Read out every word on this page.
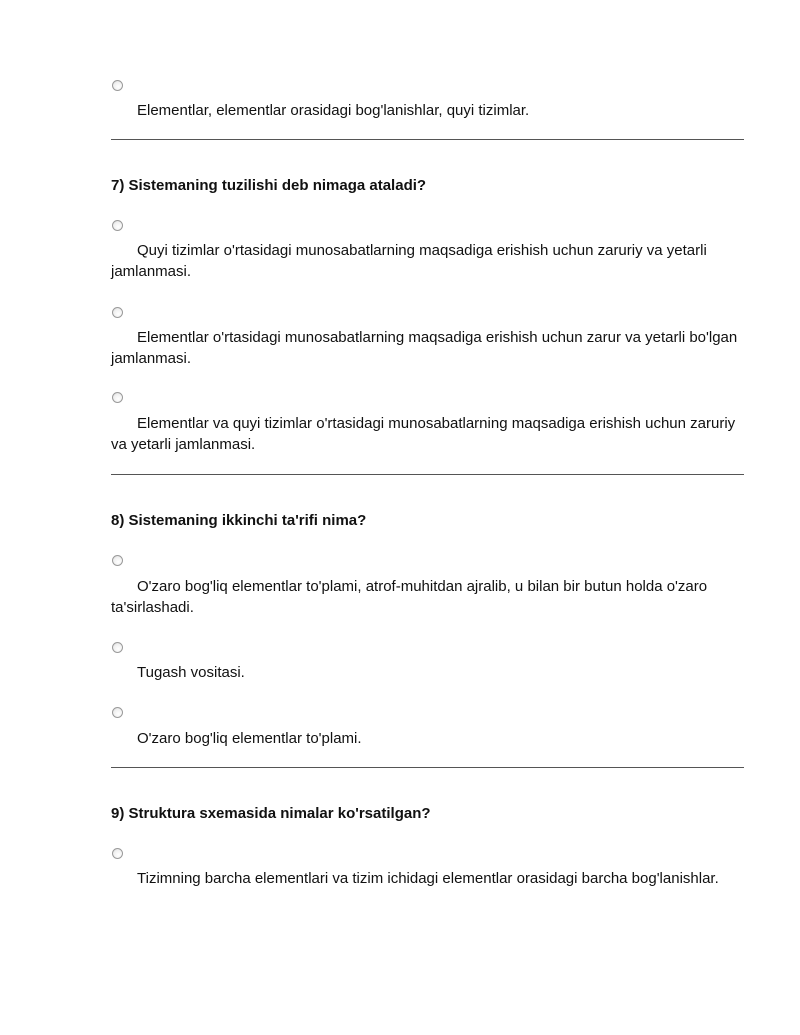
Elementlar, elementlar orasidagi bog'lanishlar, quyi tizimlar.

7) Sistemaning tuzilishi deb nimaga ataladi?

Quyi tizimlar o'rtasidagi munosabatlarning maqsadiga erishish uchun zaruriy va yetarli jamlanmasi.

Elementlar o'rtasidagi munosabatlarning maqsadiga erishish uchun zarur va yetarli bo'lgan jamlanmasi.

Elementlar va quyi tizimlar o'rtasidagi munosabatlarning maqsadiga erishish uchun zaruriy va yetarli jamlanmasi.

8) Sistemaning ikkinchi ta'rifi nima?

O'zaro bog'liq elementlar to'plami, atrof-muhitdan ajralib, u bilan bir butun holda o'zaro ta'sirlashadi.

Tugash vositasi.

O'zaro bog'liq elementlar to'plami.

9) Struktura sxemasida nimalar ko'rsatilgan?

Tizimning barcha elementlari va tizim ichidagi elementlar orasidagi barcha bog'lanishlar.
